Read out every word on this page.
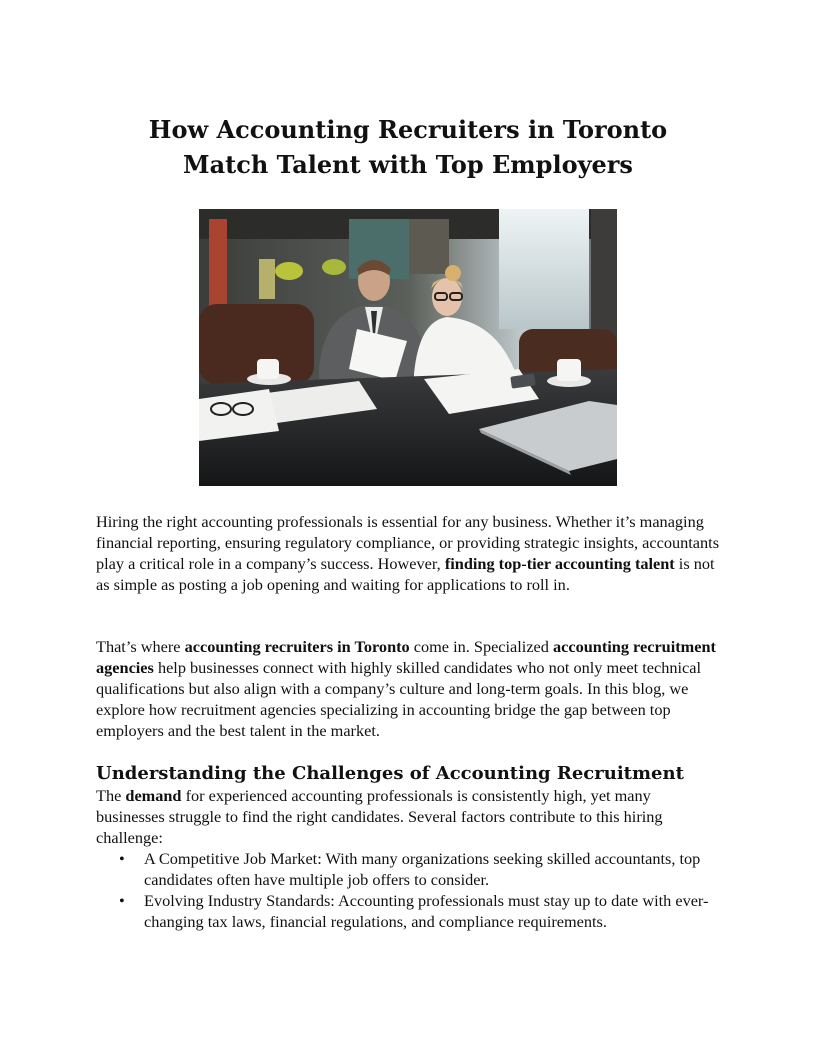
How Accounting Recruiters in Toronto
Match Talent with Top Employers

Hiring the right accounting professionals is essential for any business. Whether it’s managing financial reporting, ensuring regulatory compliance, or providing strategic insights, accountants play a critical role in a company’s success. However, finding top-tier accounting talent is not as simple as posting a job opening and waiting for applications to roll in.

That’s where accounting recruiters in Toronto come in. Specialized accounting recruitment agencies help businesses connect with highly skilled candidates who not only meet technical qualifications but also align with a company’s culture and long-term goals. In this blog, we explore how recruitment agencies specializing in accounting bridge the gap between top employers and the best talent in the market.

Understanding the Challenges of Accounting Recruitment

The demand for experienced accounting professionals is consistently high, yet many businesses struggle to find the right candidates. Several factors contribute to this hiring challenge:

• A Competitive Job Market: With many organizations seeking skilled accountants, top candidates often have multiple job offers to consider.
• Evolving Industry Standards: Accounting professionals must stay up to date with ever-changing tax laws, financial regulations, and compliance requirements.
